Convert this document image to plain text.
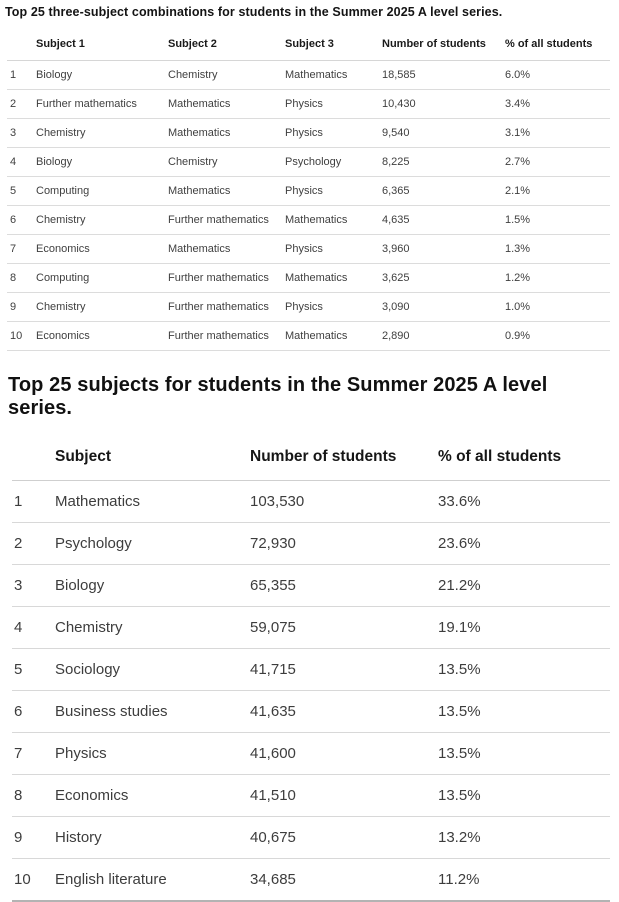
Top 25 three-subject combinations for students in the Summer 2025 A level series.
	Subject 1	Subject 2	Subject 3	Number of students	% of all students
1	Biology	Chemistry	Mathematics	18,585	6.0%
2	Further mathematics	Mathematics	Physics	10,430	3.4%
3	Chemistry	Mathematics	Physics	9,540	3.1%
4	Biology	Chemistry	Psychology	8,225	2.7%
5	Computing	Mathematics	Physics	6,365	2.1%
6	Chemistry	Further mathematics	Mathematics	4,635	1.5%
7	Economics	Mathematics	Physics	3,960	1.3%
8	Computing	Further mathematics	Mathematics	3,625	1.2%
9	Chemistry	Further mathematics	Physics	3,090	1.0%
10	Economics	Further mathematics	Mathematics	2,890	0.9%
Top 25 subjects for students in the Summer 2025 A level series.
	Subject	Number of students	% of all students
1	Mathematics	103,530	33.6%
2	Psychology	72,930	23.6%
3	Biology	65,355	21.2%
4	Chemistry	59,075	19.1%
5	Sociology	41,715	13.5%
6	Business studies	41,635	13.5%
7	Physics	41,600	13.5%
8	Economics	41,510	13.5%
9	History	40,675	13.2%
10	English literature	34,685	11.2%
